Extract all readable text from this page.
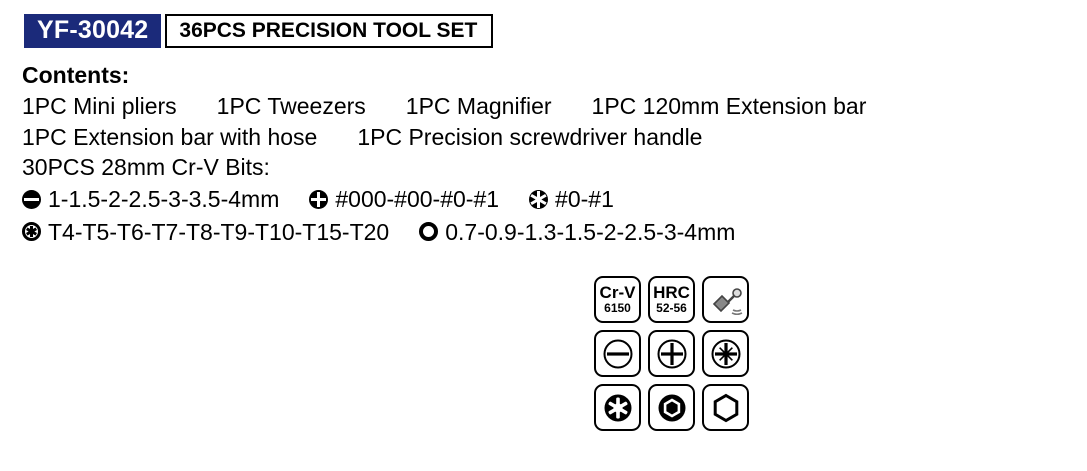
YF-30042	36PCS PRECISION TOOL SET
Contents:
1PC Mini pliers 1PC Tweezers 1PC Magnifier 1PC 120mm Extension bar
1PC Extension bar with hose 1PC Precision screwdriver handle
30PCS 28mm Cr-V Bits:
1-1.5-2-2.5-3-3.5-4mm #000-#00-#0-#1 #0-#1
T4-T5-T6-T7-T8-T9-T10-T15-T20 0.7-0.9-1.3-1.5-2-2.5-3-4mm
Cr-V
6150
HRC
52-56
